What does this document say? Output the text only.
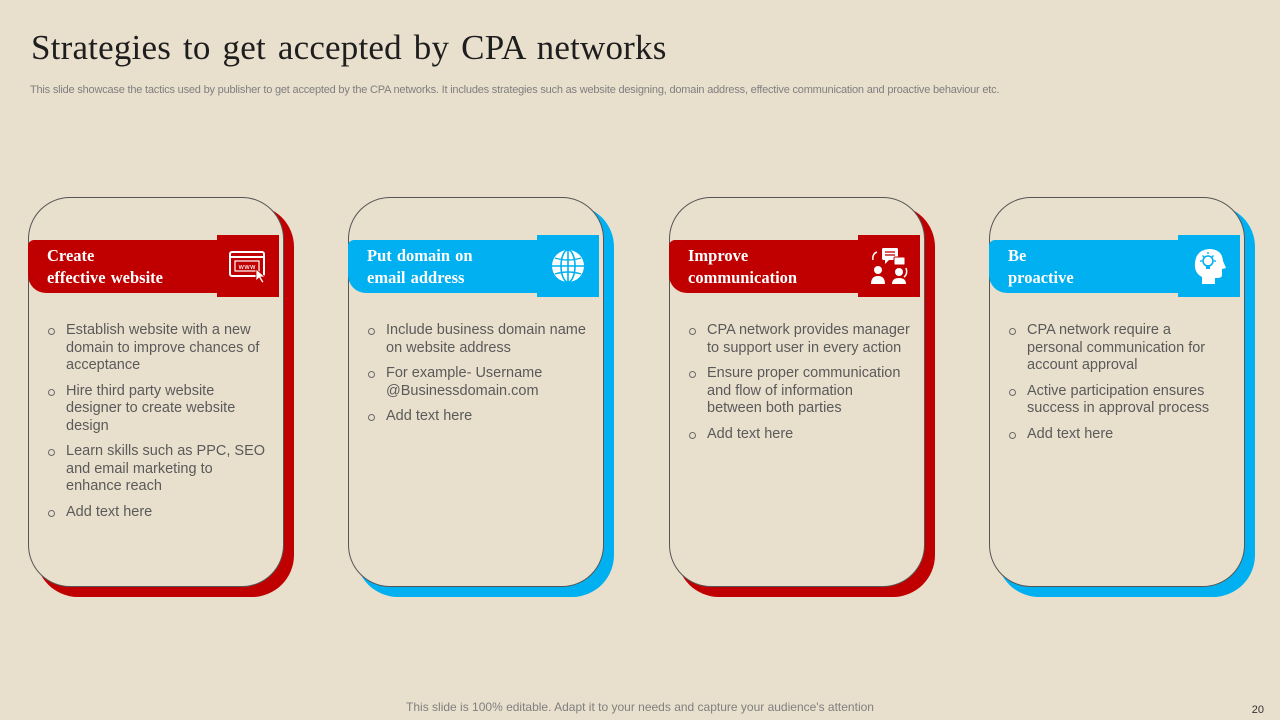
Strategies to get accepted by CPA networks

This slide showcase the tactics used by publisher to get accepted by the CPA networks. It includes strategies such as website designing, domain address, effective communication and proactive behaviour etc.

Create
effective website
www
Establish website with a new domain to improve chances of acceptance
Hire third party website designer to create website design
Learn skills such as PPC, SEO and email marketing to enhance reach
Add text here
Put domain on
email address
Include business domain name on website address
For example- Username @Businessdomain.com
Add text here
Improve
communication
CPA network provides manager to support user in every action
Ensure proper communication and flow of information between both parties
Add text here
Be
proactive
CPA network require a personal communication for account approval
Active participation ensures success in approval process
Add text here

This slide is 100% editable. Adapt it to your needs and capture your audience's attention	20
